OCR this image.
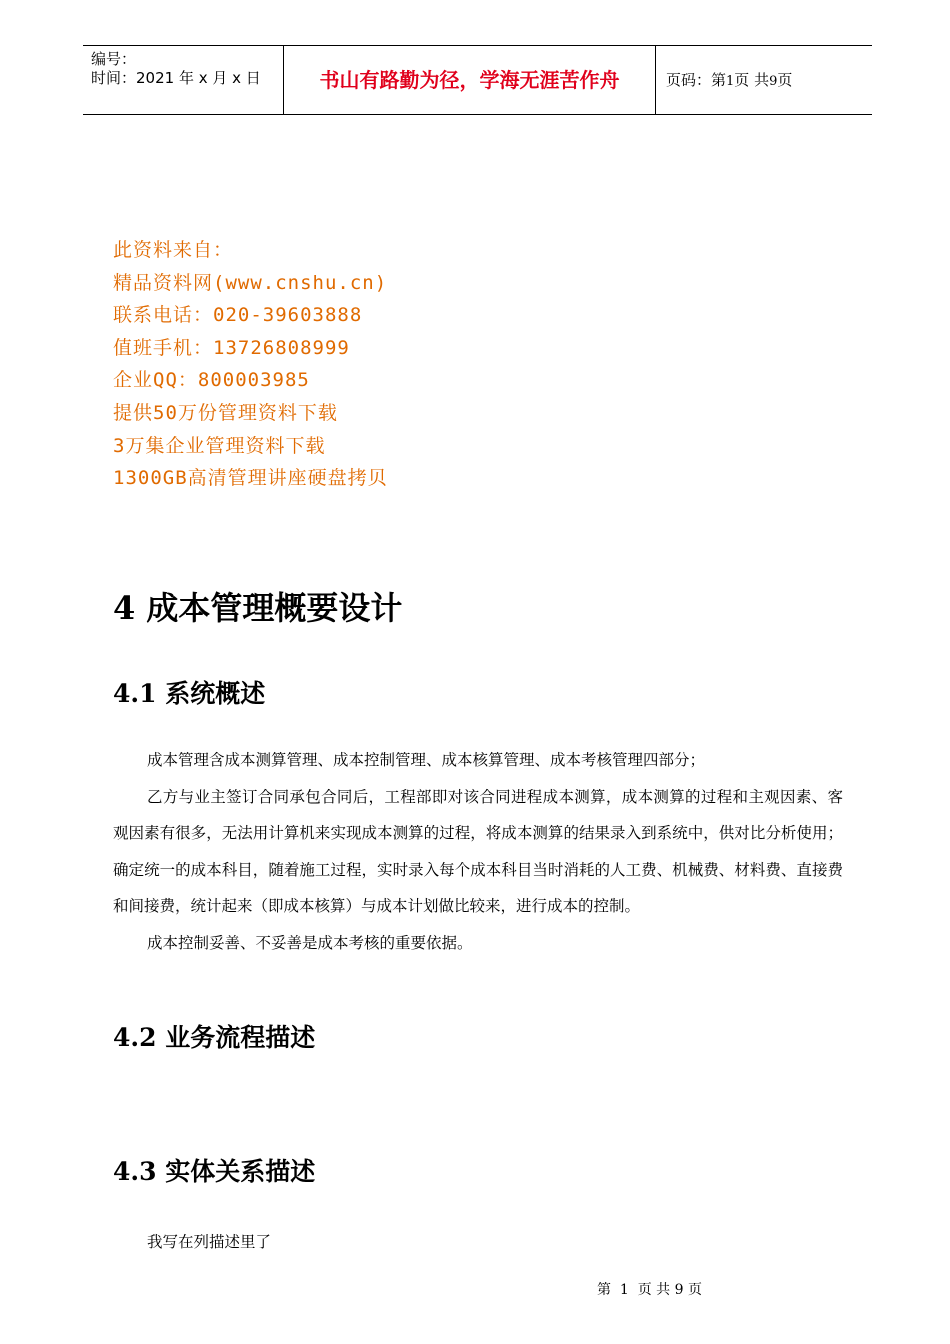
编号：
时间：2021 年 x 月 x 日	书山有路勤为径，学海无涯苦作舟	页码：第1页 共9页
此资料来自：
精品资料网(www.cnshu.cn)
联系电话：020-39603888
值班手机：13726808999
企业QQ：800003985
提供50万份管理资料下载
3万集企业管理资料下载
1300GB高清管理讲座硬盘拷贝
4 成本管理概要设计
4.1 系统概述

成本管理含成本测算管理、成本控制管理、成本核算管理、成本考核管理四部分；

乙方与业主签订合同承包合同后，工程部即对该合同进程成本测算，成本测算的过程和主观因素、客观因素有很多，无法用计算机来实现成本测算的过程，将成本测算的结果录入到系统中，供对比分析使用；确定统一的成本科目，随着施工过程，实时录入每个成本科目当时消耗的人工费、机械费、材料费、直接费和间接费，统计起来（即成本核算）与成本计划做比较来，进行成本的控制。

成本控制妥善、不妥善是成本考核的重要依据。

4.2 业务流程描述
4.3 实体关系描述

我写在列描述里了

第  1  页 共 9 页
